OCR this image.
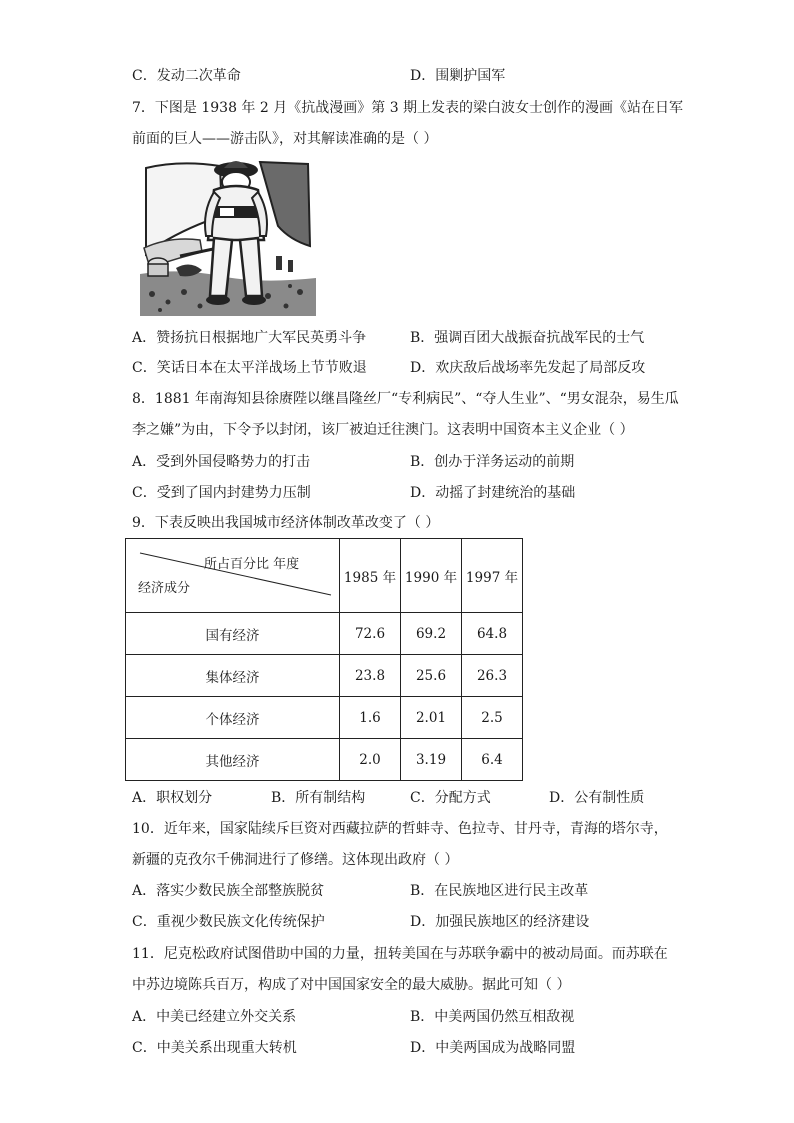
C．发动二次革命	D．围剿护国军
7．下图是 1938 年 2 月《抗战漫画》第 3 期上发表的梁白波女士创作的漫画《站在日军
前面的巨人——游击队》，对其解读准确的是（ ）
A．赞扬抗日根据地广大军民英勇斗争	B．强调百团大战振奋抗战军民的士气
C．笑话日本在太平洋战场上节节败退	D．欢庆敌后战场率先发起了局部反攻
8．1881 年南海知县徐赓陛以继昌隆丝厂“专利病民”、“夺人生业”、“男女混杂，易生瓜
李之嫌”为由，下令予以封闭，该厂被迫迁往澳门。这表明中国资本主义企业（ ）
A．受到外国侵略势力的打击	B．创办于洋务运动的前期
C．受到了国内封建势力压制	D．动摇了封建统治的基础
9．下表反映出我国城市经济体制改革改变了（ ）
所占百分比 年度
经济成分	1985 年	1990 年	1997 年
国有经济	72.6	69.2	64.8
集体经济	23.8	25.6	26.3
个体经济	1.6	2.01	2.5
其他经济	2.0	3.19	6.4
A．职权划分	B．所有制结构	C．分配方式	D．公有制性质
10．近年来，国家陆续斥巨资对西藏拉萨的哲蚌寺、色拉寺、甘丹寺，青海的塔尔寺，
新疆的克孜尔千佛洞进行了修缮。这体现出政府（ ）
A．落实少数民族全部整族脱贫	B．在民族地区进行民主改革
C．重视少数民族文化传统保护	D．加强民族地区的经济建设
11．尼克松政府试图借助中国的力量，扭转美国在与苏联争霸中的被动局面。而苏联在
中苏边境陈兵百万，构成了对中国国家安全的最大威胁。据此可知（ ）
A．中美已经建立外交关系	B．中美两国仍然互相敌视
C．中美关系出现重大转机	D．中美两国成为战略同盟
